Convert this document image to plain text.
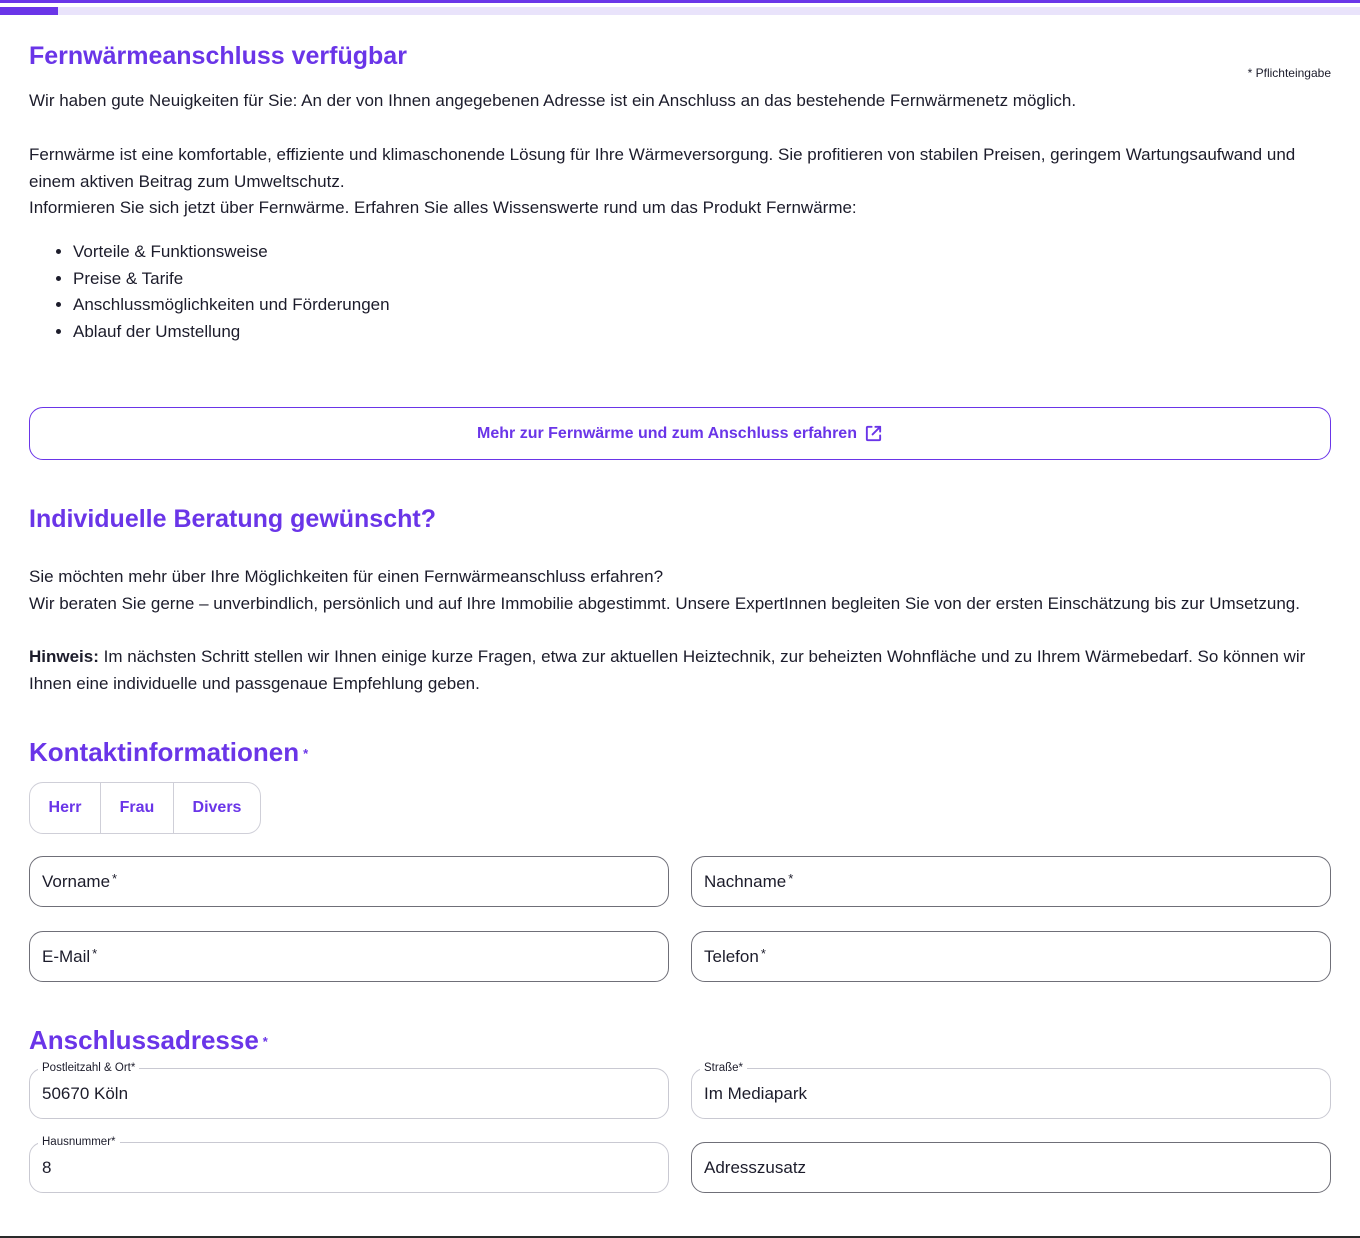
Fernwärmeanschluss verfügbar
* Pflichteingabe

Wir haben gute Neuigkeiten für Sie: An der von Ihnen angegebenen Adresse ist ein Anschluss an das bestehende Fernwärmenetz möglich.

Fernwärme ist eine komfortable, effiziente und klimaschonende Lösung für Ihre Wärmeversorgung. Sie profitieren von stabilen Preisen, geringem Wartungsaufwand und einem aktiven Beitrag zum Umweltschutz.

Informieren Sie sich jetzt über Fernwärme. Erfahren Sie alles Wissenswerte rund um das Produkt Fernwärme:

• Vorteile & Funktionsweise
• Preise & Tarife
• Anschlussmöglichkeiten und Förderungen
• Ablauf der Umstellung
Mehr zur Fernwärme und zum Anschluss erfahren
Individuelle Beratung gewünscht?

Sie möchten mehr über Ihre Möglichkeiten für einen Fernwärmeanschluss erfahren?
Wir beraten Sie gerne – unverbindlich, persönlich und auf Ihre Immobilie abgestimmt. Unsere ExpertInnen begleiten Sie von der ersten Einschätzung bis zur Umsetzung.

Hinweis: Im nächsten Schritt stellen wir Ihnen einige kurze Fragen, etwa zur aktuellen Heiztechnik, zur beheizten Wohnfläche und zu Ihrem Wärmebedarf. So können wir Ihnen eine individuelle und passgenaue Empfehlung geben.

Kontaktinformationen *
Herr	Frau	Divers
Vorname *	Nachname *
E-Mail *	Telefon *
Anschlussadresse *
Postleitzahl & Ort*
50670 Köln
Straße*
Im Mediapark
Hausnummer*
8	Adresszusatz
